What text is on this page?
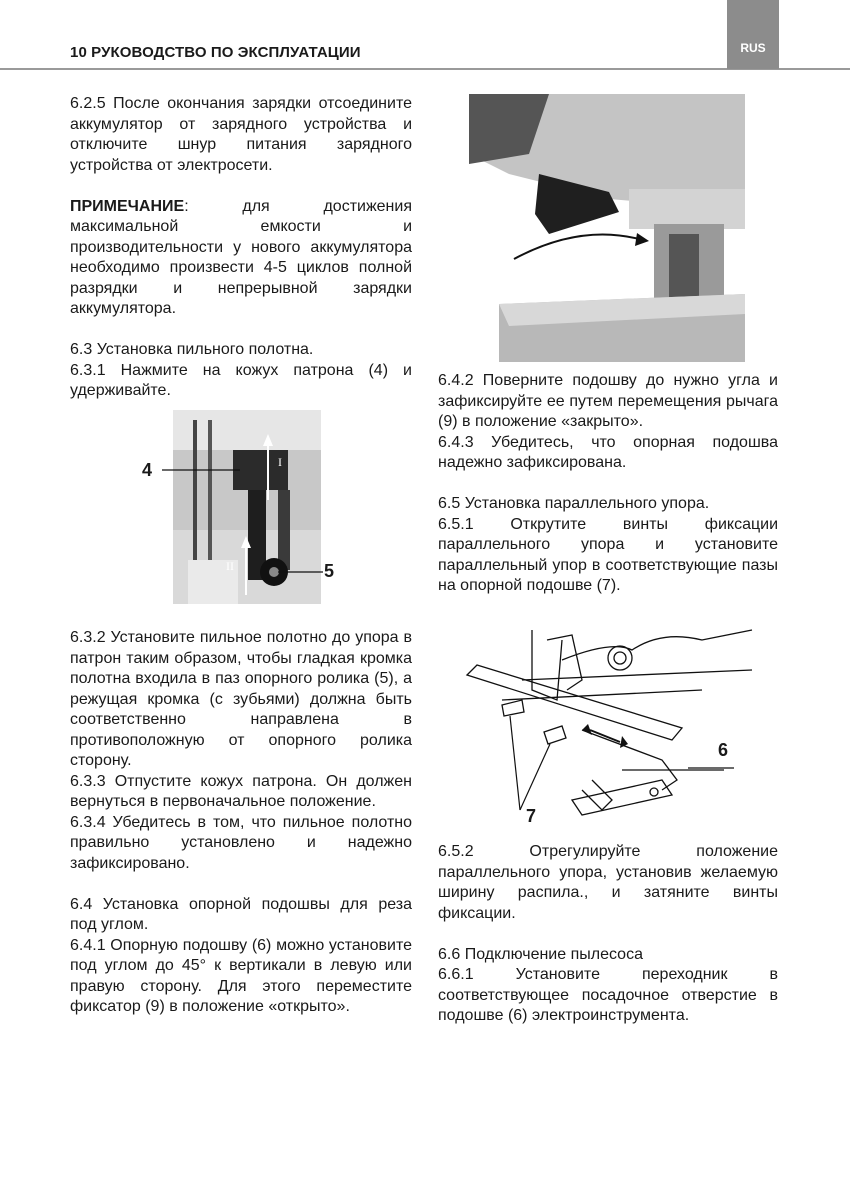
10 РУКОВОДСТВО ПО ЭКСПЛУАТАЦИИ	RUS

6.2.5 После окончания зарядки отсоедините аккумулятор от зарядного устройства и отключите шнур питания зарядного устройства от электросети.

ПРИМЕЧАНИЕ: для достижения максимальной емкости и производительности у нового аккумулятора необходимо произвести 4-5 циклов полной разрядки и непрерывной зарядки аккумулятора.

6.3 Установка пильного полотна.

6.3.1 Нажмите на кожух патрона (4) и удерживайте.

I
II
4
5

6.3.2 Установите пильное полотно до упора в патрон таким образом, чтобы гладкая кромка полотна входила в паз опорного ролика (5), а режущая кромка (с зубьями) должна быть соответственно направлена в противоположную от опорного ролика сторону.

6.3.3 Отпустите кожух патрона. Он должен вернуться в первоначальное положение.

6.3.4 Убедитесь в том, что пильное полотно правильно установлено и надежно зафиксировано.

6.4 Установка опорной подошвы для реза под углом.

6.4.1 Опорную подошву (6) можно установите под углом до 45° к вертикали в левую или правую сторону. Для этого переместите фиксатор (9) в положение «открыто».

6.4.2 Поверните подошву до нужно угла и зафиксируйте ее путем перемещения рычага (9) в положение «закрыто».

6.4.3 Убедитесь, что опорная подошва надежно зафиксирована.

6.5 Установка параллельного упора.

6.5.1 Открутите винты фиксации параллельного упора и установите параллельный упор в соответствующие пазы на опорной подошве (7).

6
7

6.5.2 Отрегулируйте положение параллельного упора, установив желаемую ширину распила., и затяните винты фиксации.

6.6 Подключение пылесоса

6.6.1 Установите переходник в соответствующее посадочное отверстие в подошве (6) электроинструмента.
